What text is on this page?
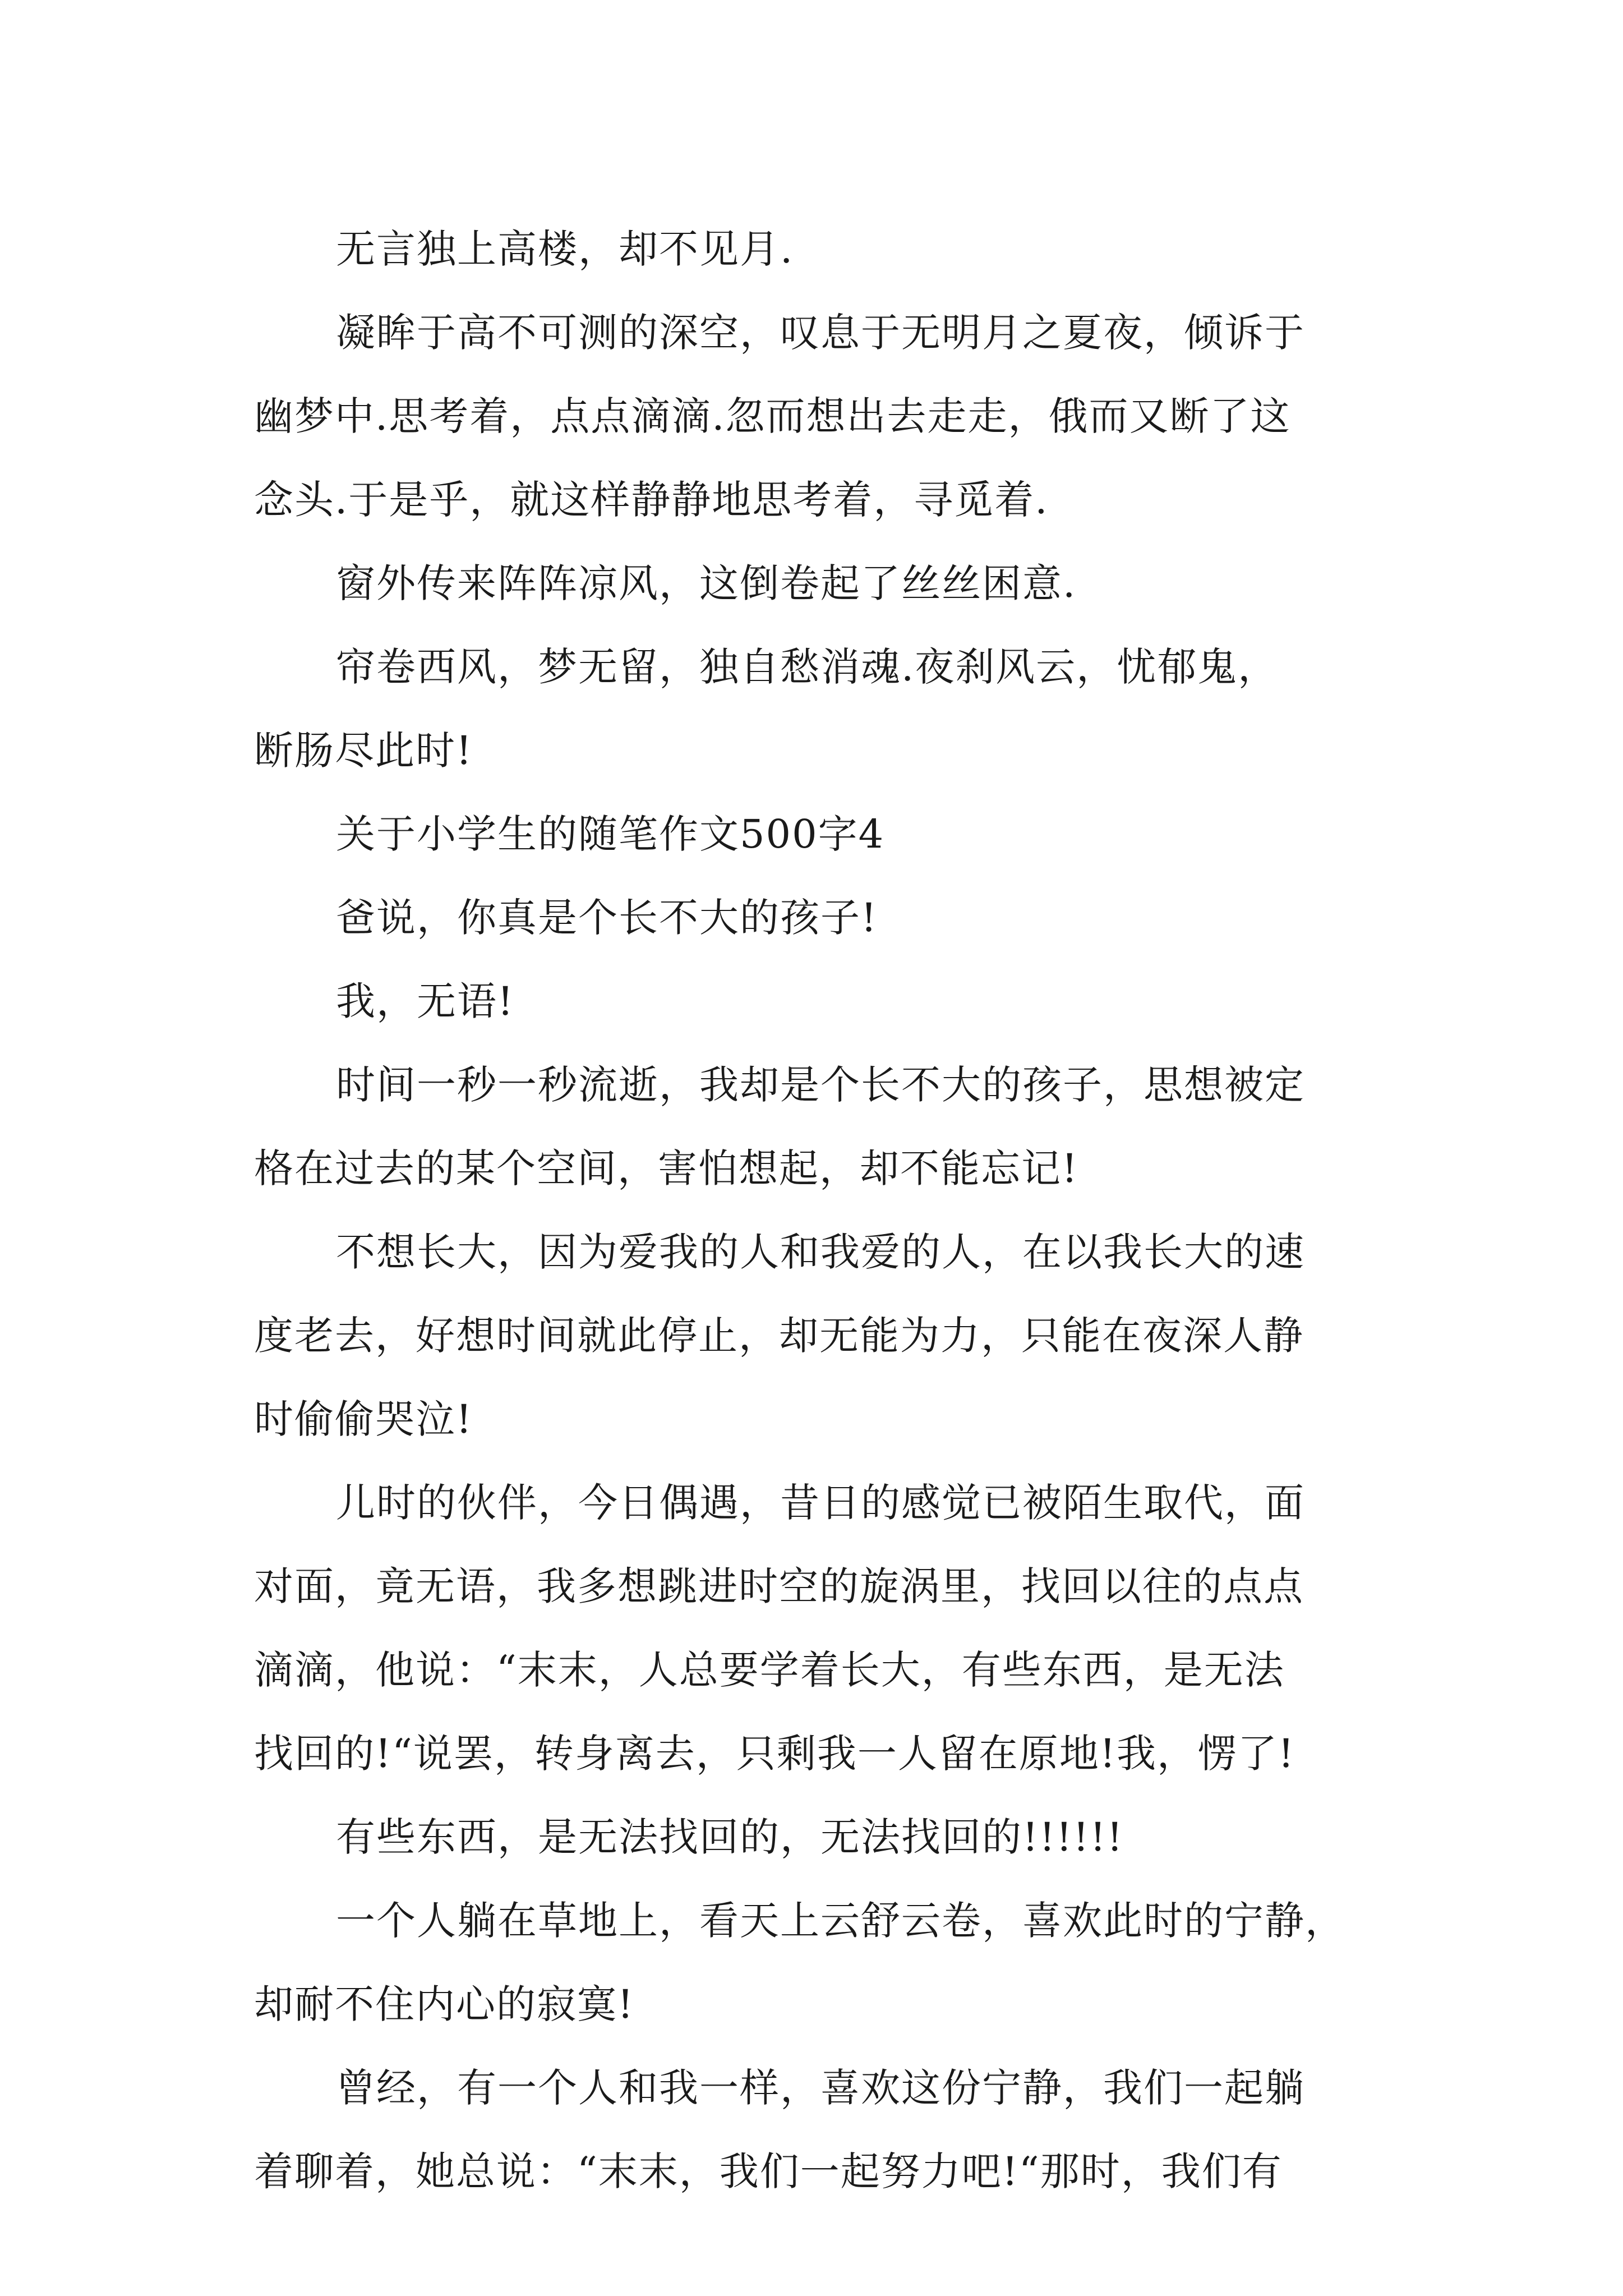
无言独上高楼，却不见月.

凝眸于高不可测的深空，叹息于无明月之夏夜，倾诉于
幽梦中.思考着，点点滴滴.忽而想出去走走，俄而又断了这
念头.于是乎，就这样静静地思考着，寻觅着.

窗外传来阵阵凉风，这倒卷起了丝丝困意.

帘卷西风，梦无留，独自愁消魂.夜刹风云，忧郁鬼，
断肠尽此时!

关于小学生的随笔作文500字4

爸说，你真是个长不大的孩子!

我，无语!

时间一秒一秒流逝，我却是个长不大的孩子，思想被定
格在过去的某个空间，害怕想起，却不能忘记!

不想长大，因为爱我的人和我爱的人，在以我长大的速
度老去，好想时间就此停止，却无能为力，只能在夜深人静
时偷偷哭泣!

儿时的伙伴，今日偶遇，昔日的感觉已被陌生取代，面
对面，竟无语，我多想跳进时空的旋涡里，找回以往的点点
滴滴，他说：“末末，人总要学着长大，有些东西，是无法
找回的!“说罢，转身离去，只剩我一人留在原地!我，愣了!

有些东西，是无法找回的，无法找回的!!!!!!

一个人躺在草地上，看天上云舒云卷，喜欢此时的宁静，
却耐不住内心的寂寞!

曾经，有一个人和我一样，喜欢这份宁静，我们一起躺
着聊着，她总说：“末末，我们一起努力吧!“那时，我们有
